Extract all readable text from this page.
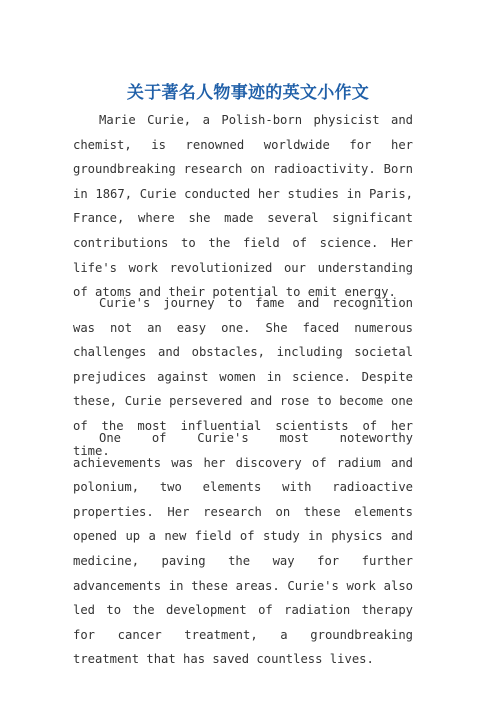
关于著名人物事迹的英文小作文

Marie Curie, a Polish-born physicist and chemist, is renowned worldwide for her groundbreaking research on radioactivity. Born in 1867, Curie conducted her studies in Paris, France, where she made several significant contributions to the field of science. Her life's work revolutionized our understanding of atoms and their potential to emit energy.

Curie's journey to fame and recognition was not an easy one. She faced numerous challenges and obstacles, including societal prejudices against women in science. Despite these, Curie persevered and rose to become one of the most influential scientists of her time.

One of Curie's most noteworthy achievements was her discovery of radium and polonium, two elements with radioactive properties. Her research on these elements opened up a new field of study in physics and medicine, paving the way for further advancements in these areas. Curie's work also led to the development of radiation therapy for cancer treatment, a groundbreaking treatment that has saved countless lives.
